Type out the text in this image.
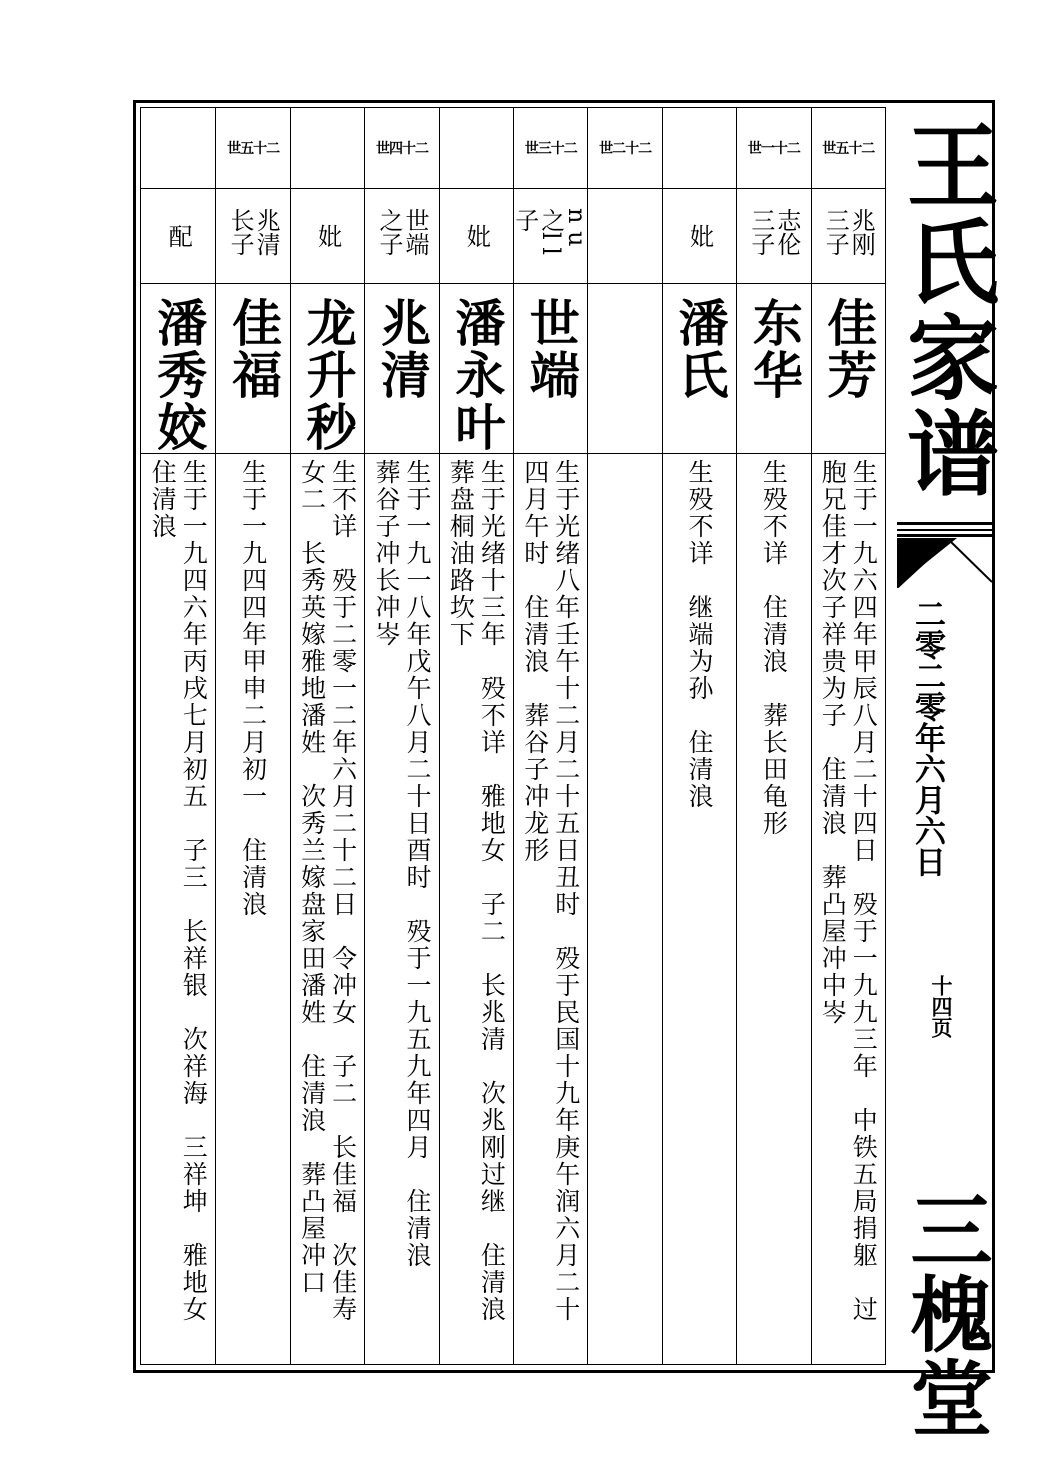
世五十二
兆刚
三子
佳芳
生于一九六四年甲辰八月二十四日　殁于一九九三年　中铁五局捐躯　过
胞兄佳才次子祥贵为子　住清浪　葬凸屋冲中岑
世一十二
志伦
三子
东华
生殁不详　住清浪　葬长田龟形
妣

潘氏
生殁不详　继端为孙　住清浪
世二十二

世三十二
n u
之l l子
世端
生于光绪八年壬午十二月二十五日丑时　殁于民国十九年庚午润六月二十
四月午时　住清浪　葬谷子冲龙形
妣

潘永叶
生于光绪十三年　殁不详　雅地女　子二　长兆清　次兆刚过继　住清浪
葬盘桐油路坎下
世四十二
世端
之子
兆清
生于一九一八年戊午八月二十日酉时　殁于一九五九年四月　住清浪
葬谷子冲长冲岑
妣

龙升秒
生不详　殁于二零一二年六月二十二日　令冲女　子二　长佳福　次佳寿
女二　长秀英嫁雅地潘姓　次秀兰嫁盘家田潘姓　住清浪　葬凸屋冲口
世五十二
兆清
长子
佳福
生于一九四四年甲申二月初一　住清浪
配

潘秀姣
生于一九四六年丙戌七月初五　子三　长祥银　次祥海　三祥坤　雅地女
住清浪	王氏家谱
二零二零年六月六日
十四页
三槐堂
